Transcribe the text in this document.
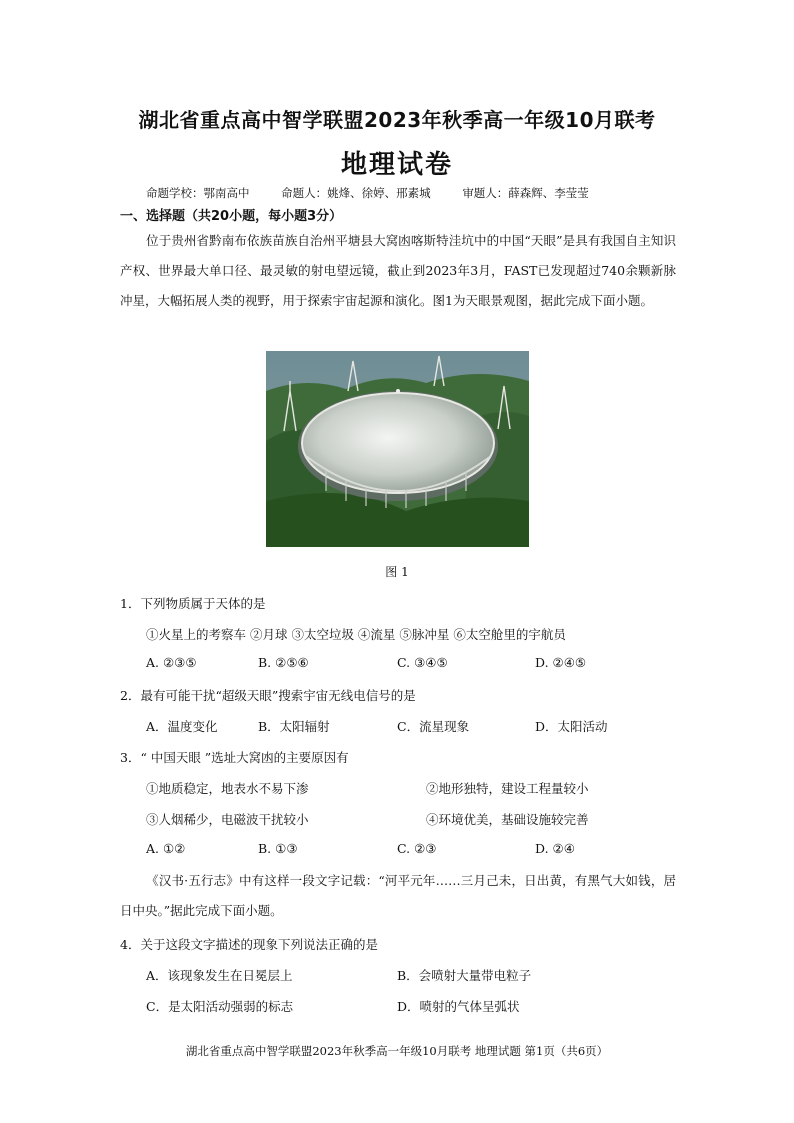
湖北省重点高中智学联盟2023年秋季高一年级10月联考
地理试卷
命题学校：鄂南高中	命题人：姚烽、徐婷、邢素城	审题人：薛森辉、李莹莹
一、选择题（共20小题，每小题3分）
位于贵州省黔南布依族苗族自治州平塘县大窝凼喀斯特洼坑中的中国“天眼”是具有我国自主知识产权、世界最大单口径、最灵敏的射电望远镜，截止到2023年3月，FAST已发现超过740余颗新脉冲星，大幅拓展人类的视野，用于探索宇宙起源和演化。图1为天眼景观图，据此完成下面小题。
图 1
1．下列物质属于天体的是
①火星上的考察车 ②月球 ③太空垃圾 ④流星 ⑤脉冲星 ⑥太空舱里的宇航员
A. ②③⑤	B. ②⑤⑥	C. ③④⑤	D. ②④⑤
2．最有可能干扰“超级天眼”搜索宇宙无线电信号的是
A．温度变化	B．太阳辐射	C．流星现象	D．太阳活动
3．“ 中国天眼 ”选址大窝凼的主要原因有
①地质稳定，地表水不易下渗	②地形独特，建设工程量较小
③人烟稀少，电磁波干扰较小	④环境优美，基础设施较完善
A. ①②	B. ①③	C. ②③	D. ②④
《汉书·五行志》中有这样一段文字记载：“河平元年……三月己未，日出黄，有黑气大如钱，居日中央。”据此完成下面小题。
4．关于这段文字描述的现象下列说法正确的是
A．该现象发生在日冕层上	B．会喷射大量带电粒子
C．是太阳活动强弱的标志	D．喷射的气体呈弧状
湖北省重点高中智学联盟2023年秋季高一年级10月联考 地理试题 第1页（共6页）
